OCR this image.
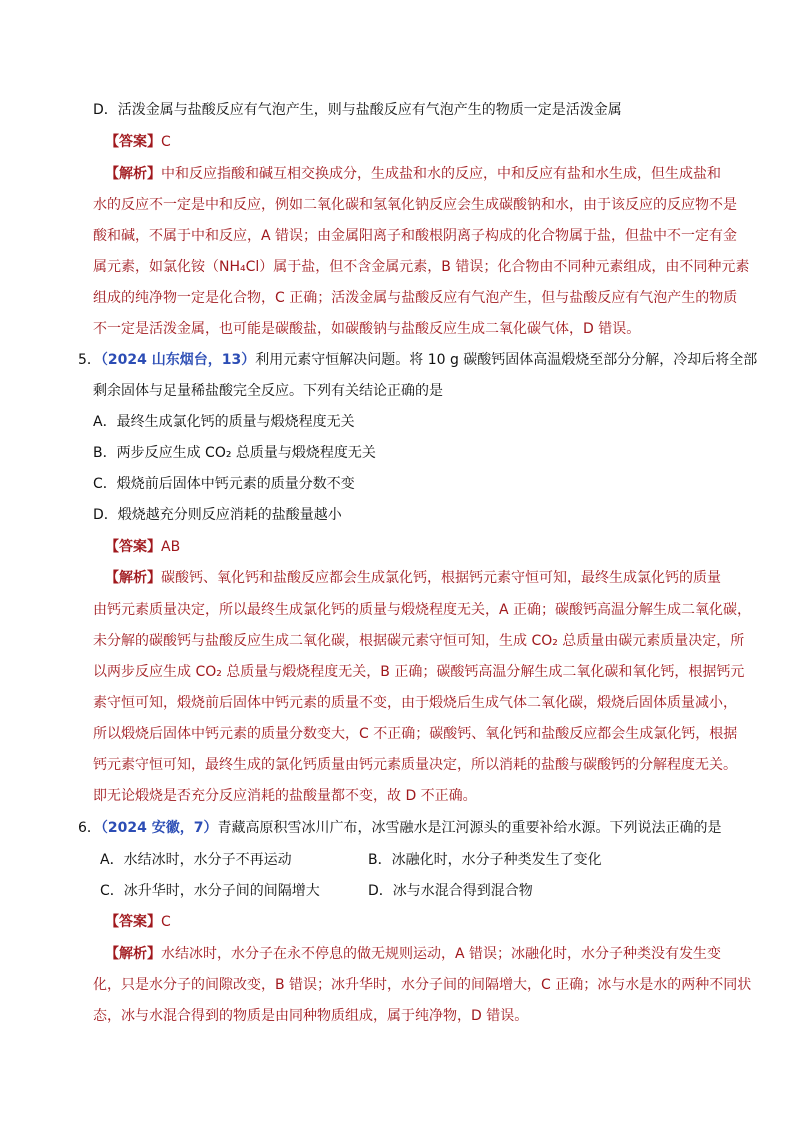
D．活泼金属与盐酸反应有气泡产生，则与盐酸反应有气泡产生的物质一定是活泼金属
【答案】C
【解析】中和反应指酸和碱互相交换成分，生成盐和水的反应，中和反应有盐和水生成，但生成盐和
水的反应不一定是中和反应，例如二氧化碳和氢氧化钠反应会生成碳酸钠和水，由于该反应的反应物不是
酸和碱，不属于中和反应，A 错误；由金属阳离子和酸根阴离子构成的化合物属于盐，但盐中不一定有金
属元素，如氯化铵（NH₄Cl）属于盐，但不含金属元素，B 错误；化合物由不同种元素组成，由不同种元素
组成的纯净物一定是化合物，C 正确；活泼金属与盐酸反应有气泡产生，但与盐酸反应有气泡产生的物质
不一定是活泼金属，也可能是碳酸盐，如碳酸钠与盐酸反应生成二氧化碳气体，D 错误。
5．（2024 山东烟台，13）利用元素守恒解决问题。将 10 g 碳酸钙固体高温煅烧至部分分解，冷却后将全部
剩余固体与足量稀盐酸完全反应。下列有关结论正确的是
A．最终生成氯化钙的质量与煅烧程度无关
B．两步反应生成 CO₂ 总质量与煅烧程度无关
C．煅烧前后固体中钙元素的质量分数不变
D．煅烧越充分则反应消耗的盐酸量越小
【答案】AB
【解析】碳酸钙、氧化钙和盐酸反应都会生成氯化钙，根据钙元素守恒可知，最终生成氯化钙的质量
由钙元素质量决定，所以最终生成氯化钙的质量与煅烧程度无关，A 正确；碳酸钙高温分解生成二氧化碳，
未分解的碳酸钙与盐酸反应生成二氧化碳，根据碳元素守恒可知，生成 CO₂ 总质量由碳元素质量决定，所
以两步反应生成 CO₂ 总质量与煅烧程度无关，B 正确；碳酸钙高温分解生成二氧化碳和氧化钙，根据钙元
素守恒可知，煅烧前后固体中钙元素的质量不变，由于煅烧后生成气体二氧化碳，煅烧后固体质量减小，
所以煅烧后固体中钙元素的质量分数变大，C 不正确；碳酸钙、氧化钙和盐酸反应都会生成氯化钙，根据
钙元素守恒可知，最终生成的氯化钙质量由钙元素质量决定，所以消耗的盐酸与碳酸钙的分解程度无关。
即无论煅烧是否充分反应消耗的盐酸量都不变，故 D 不正确。
6．（2024 安徽，7）青藏高原积雪冰川广布，冰雪融水是江河源头的重要补给水源。下列说法正确的是
A．水结冰时，水分子不再运动	B．冰融化时，水分子种类发生了变化
C．冰升华时，水分子间的间隔增大	D．冰与水混合得到混合物
【答案】C
【解析】水结冰时，水分子在永不停息的做无规则运动，A 错误；冰融化时，水分子种类没有发生变
化，只是水分子的间隙改变，B 错误；冰升华时，水分子间的间隔增大，C 正确；冰与水是水的两种不同状
态，冰与水混合得到的物质是由同种物质组成，属于纯净物，D 错误。
